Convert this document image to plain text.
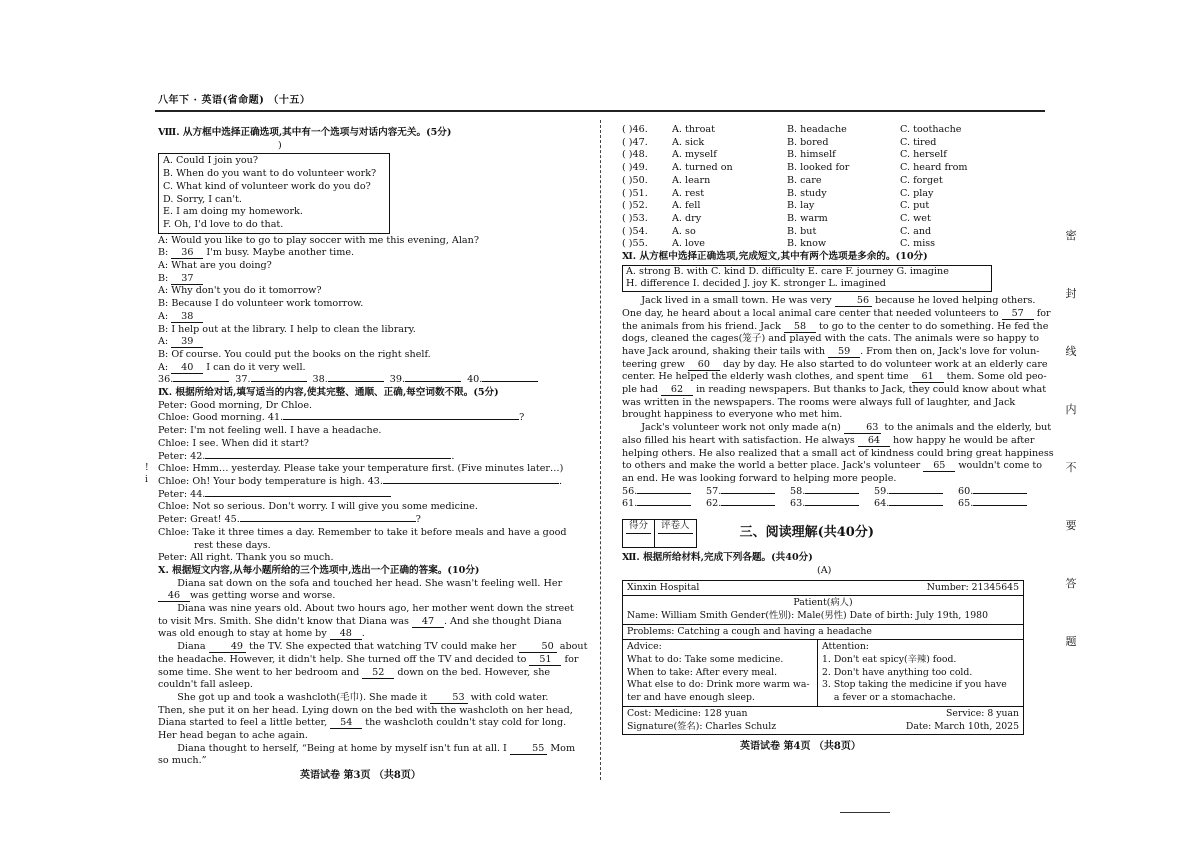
八年下 · 英语(省命题) （十五）
!
i
Ⅷ. 从方框中选择正确选项,其中有一个选项与对话内容无关。(5分)
)
A. Could I join you?
B. When do you want to do volunteer work?
C. What kind of volunteer work do you do?
D. Sorry, I can't.
E. I am doing my homework.
F. Oh, I'd love to do that.
A: Would you like to go to play soccer with me this evening, Alan?
B: 36 I'm busy. Maybe another time.
A: What are you doing?
B: 37
A: Why don't you do it tomorrow?
B: Because I do volunteer work tomorrow.
A: 38
B: I help out at the library. I help to clean the library.
A: 39
B: Of course. You could put the books on the right shelf.
A: 40 I can do it very well.
36.	37.	38.	39.	40.
Ⅸ. 根据所给对话,填写适当的内容,使其完整、通顺、正确,每空词数不限。(5分)
Peter: Good morning, Dr Chloe.
Chloe: Good morning. 41.	?
Peter: I'm not feeling well. I have a headache.
Chloe: I see. When did it start?
Peter: 42.	.
Chloe: Hmm… yesterday. Please take your temperature first. (Five minutes later…)
Chloe: Oh! Your body temperature is high. 43.	.
Peter: 44.
Chloe: Not so serious. Don't worry. I will give you some medicine.
Peter: Great! 45.	?
Chloe: Take it three times a day. Remember to take it before meals and have a good
rest these days.
Peter: All right. Thank you so much.
Ⅹ. 根据短文内容,从每小题所给的三个选项中,选出一个正确的答案。(10分)
Diana sat down on the sofa and touched her head. She wasn't feeling well. Her
46 was getting worse and worse.
Diana was nine years old. About two hours ago, her mother went down the street
to visit Mrs. Smith. She didn't know that Diana was 47 . And she thought Diana
was old enough to stay at home by 48 .
Diana 49 the TV. She expected that watching TV could make her 50 about
the headache. However, it didn't help. She turned off the TV and decided to 51 for
some time. She went to her bedroom and 52 down on the bed. However, she
couldn't fall asleep.
She got up and took a washcloth(毛巾). She made it 53 with cold water.
Then, she put it on her head. Lying down on the bed with the washcloth on her head,
Diana started to feel a little better, 54 the washcloth couldn't stay cold for long.
Her head began to ache again.
Diana thought to herself, “Being at home by myself isn't fun at all. I 55 Mom
so much.”
英语试卷 第3页 （共8页）
( )46.	A. throat	B. headache	C. toothache
( )47.	A. sick	B. bored	C. tired
( )48.	A. myself	B. himself	C. herself
( )49.	A. turned on	B. looked for	C. heard from
( )50.	A. learn	B. care	C. forget
( )51.	A. rest	B. study	C. play
( )52.	A. fell	B. lay	C. put
( )53.	A. dry	B. warm	C. wet
( )54.	A. so	B. but	C. and
( )55.	A. love	B. know	C. miss
Ⅺ. 从方框中选择正确选项,完成短文,其中有两个选项是多余的。(10分)
A. strong B. with C. kind D. difficulty E. care F. journey G. imagine
H. difference I. decided J. joy K. stronger L. imagined
Jack lived in a small town. He was very 56 because he loved helping others.
One day, he heard about a local animal care center that needed volunteers to 57 for
the animals from his friend. Jack 58 to go to the center to do something. He fed the
dogs, cleaned the cages(笼子) and played with the cats. The animals were so happy to
have Jack around, shaking their tails with 59 . From then on, Jack's love for volun-
teering grew 60 day by day. He also started to do volunteer work at an elderly care
center. He helped the elderly wash clothes, and spent time 61 them. Some old peo-
ple had 62 in reading newspapers. But thanks to Jack, they could know about what
was written in the newspapers. The rooms were always full of laughter, and Jack
brought happiness to everyone who met him.
Jack's volunteer work not only made a(n) 63 to the animals and the elderly, but
also filled his heart with satisfaction. He always 64 how happy he would be after
helping others. He also realized that a small act of kindness could bring great happiness
to others and make the world a better place. Jack's volunteer 65 wouldn't come to
an end. He was looking forward to helping more people.
56.	57.	58.	59.	60.
61.	62.	63.	64.	65.
得分	评卷人	三、阅读理解(共40分)
Ⅻ. 根据所给材料,完成下列各题。(共40分)
(A)
Xinxin Hospital	Number: 21345645
Patient(病人)
Name: William Smith Gender(性别): Male(男性) Date of birth: July 19th, 1980
Problems: Catching a cough and having a headache
Advice:
What to do: Take some medicine.
When to take: After every meal.
What else to do: Drink more warm wa-
ter and have enough sleep.
Attention:
1. Don't eat spicy(辛辣) food.
2. Don't have anything too cold.
3. Stop taking the medicine if you have
a fever or a stomachache.
Cost: Medicine: 128 yuan	Service: 8 yuan
Signature(签名): Charles Schulz	Date: March 10th, 2025
英语试卷 第4页 （共8页）
密
封
线
内
不
要
答
题
